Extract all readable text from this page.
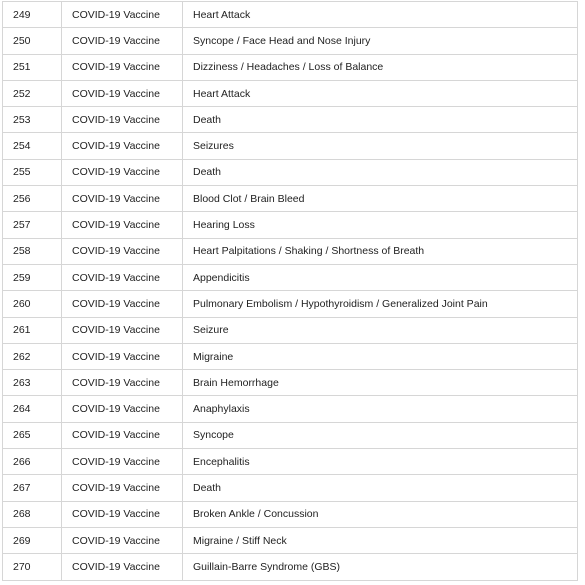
249	COVID-19 Vaccine	Heart Attack
250	COVID-19 Vaccine	Syncope / Face Head and Nose Injury
251	COVID-19 Vaccine	Dizziness / Headaches / Loss of Balance
252	COVID-19 Vaccine	Heart Attack
253	COVID-19 Vaccine	Death
254	COVID-19 Vaccine	Seizures
255	COVID-19 Vaccine	Death
256	COVID-19 Vaccine	Blood Clot / Brain Bleed
257	COVID-19 Vaccine	Hearing Loss
258	COVID-19 Vaccine	Heart Palpitations / Shaking / Shortness of Breath
259	COVID-19 Vaccine	Appendicitis
260	COVID-19 Vaccine	Pulmonary Embolism / Hypothyroidism / Generalized Joint Pain
261	COVID-19 Vaccine	Seizure
262	COVID-19 Vaccine	Migraine
263	COVID-19 Vaccine	Brain Hemorrhage
264	COVID-19 Vaccine	Anaphylaxis
265	COVID-19 Vaccine	Syncope
266	COVID-19 Vaccine	Encephalitis
267	COVID-19 Vaccine	Death
268	COVID-19 Vaccine	Broken Ankle / Concussion
269	COVID-19 Vaccine	Migraine / Stiff Neck
270	COVID-19 Vaccine	Guillain-Barre Syndrome (GBS)
